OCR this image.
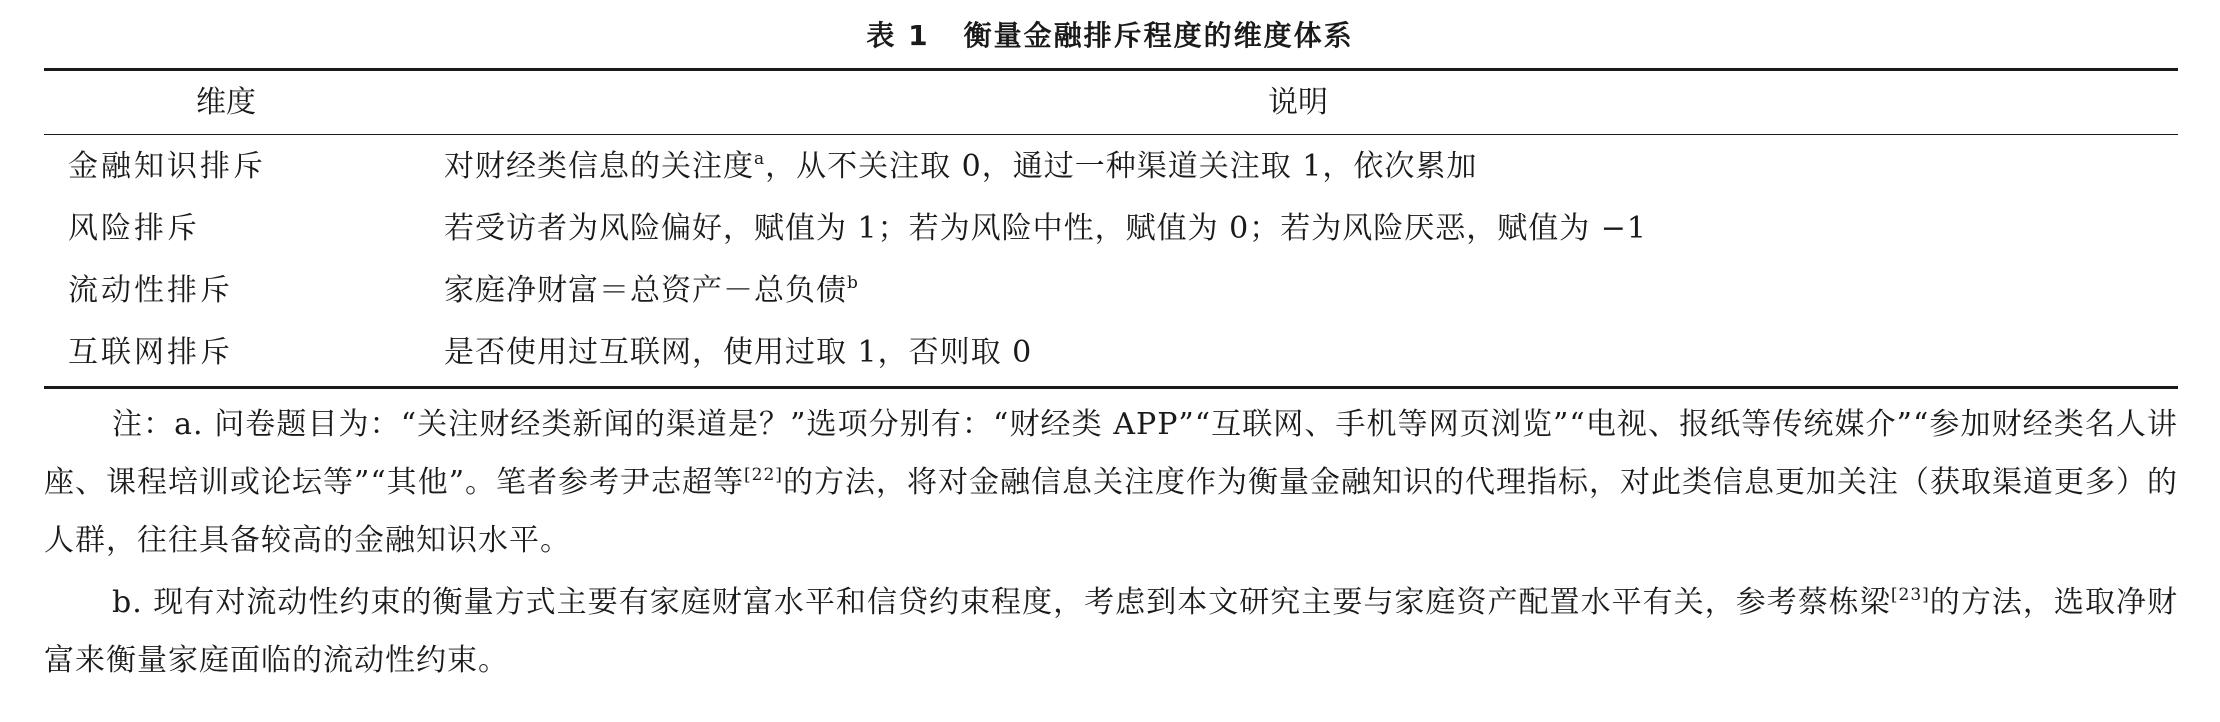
表 1 衡量金融排斥程度的维度体系
维度	说明
金融知识排斥	对财经类信息的关注度$^a$，从不关注取 0，通过一种渠道关注取 1，依次累加
风险排斥	若受访者为风险偏好，赋值为 1；若为风险中性，赋值为 0；若为风险厌恶，赋值为 −1
流动性排斥	家庭净财富＝总资产－总负债$^b$
互联网排斥	是否使用过互联网，使用过取 1，否则取 0

注：a. 问卷题目为：“关注财经类新闻的渠道是？”选项分别有：“财经类 APP”“互联网、手机等网页浏览”“电视、报纸等传统媒介”“参加财经类名人讲座、课程培训或论坛等”“其他”。笔者参考尹志超等[22]的方法，将对金融信息关注度作为衡量金融知识的代理指标，对此类信息更加关注（获取渠道更多）的人群，往往具备较高的金融知识水平。

b. 现有对流动性约束的衡量方式主要有家庭财富水平和信贷约束程度，考虑到本文研究主要与家庭资产配置水平有关，参考蔡栋梁[23]的方法，选取净财富来衡量家庭面临的流动性约束。
